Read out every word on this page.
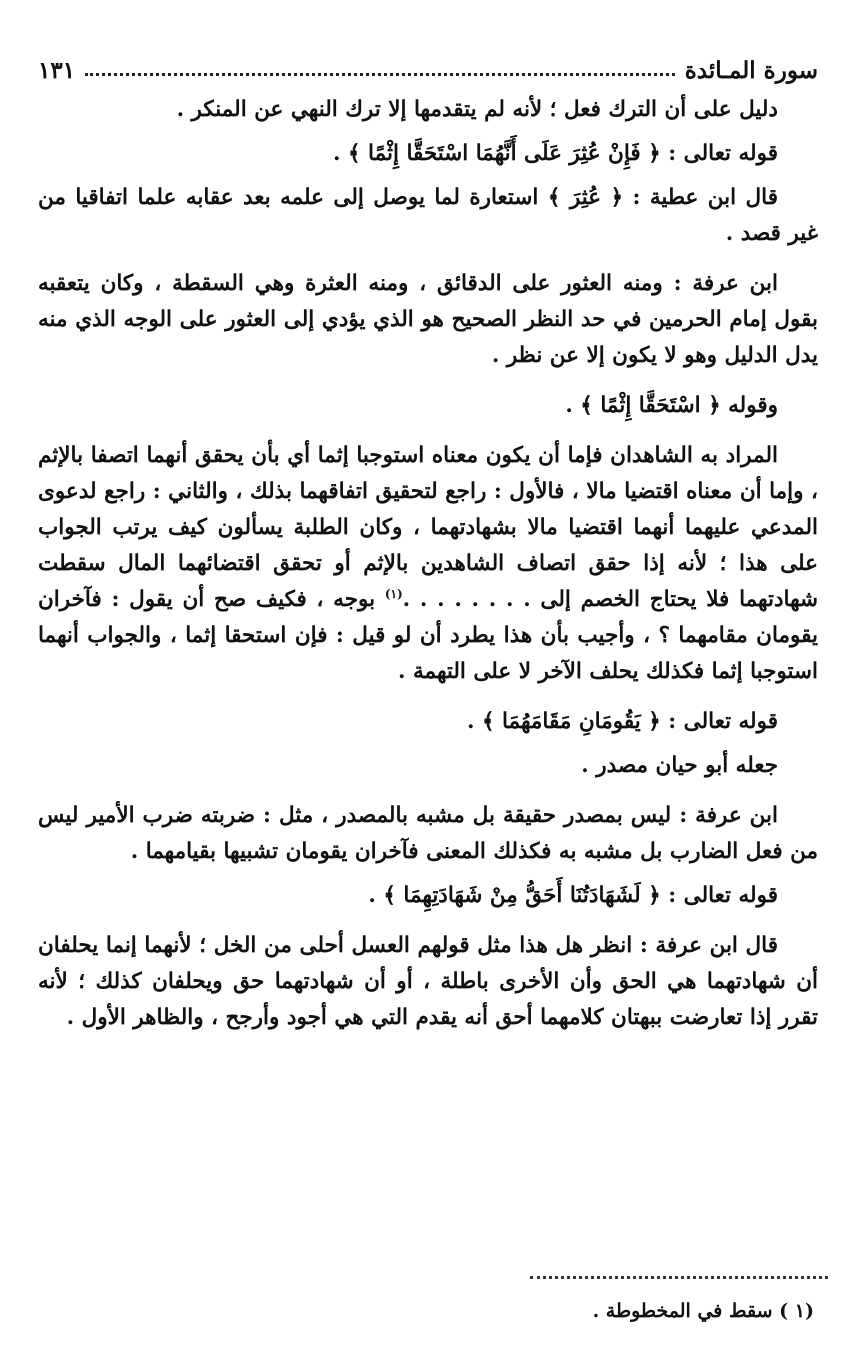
سورة المـائدة
١٣١

دليل على أن الترك فعل ؛ لأنه لم يتقدمها إلا ترك النهي عن المنكر .

قوله تعالى : ﴿ فَإِنْ عُثِرَ عَلَى أَنَّهُمَا اسْتَحَقَّا إِثْمًا ﴾ .

قال ابن عطية : ﴿ عُثِرَ ﴾ استعارة لما يوصل إلى علمه بعد عقابه علما اتفاقيا من غير قصد .

ابن عرفة : ومنه العثور على الدقائق ، ومنه العثرة وهي السقطة ، وكان يتعقبه بقول إمام الحرمين في حد النظر الصحيح هو الذي يؤدي إلى العثور على الوجه الذي منه يدل الدليل وهو لا يكون إلا عن نظر .

وقوله ﴿ اسْتَحَقَّا إِثْمًا ﴾ .

المراد به الشاهدان فإما أن يكون معناه استوجبا إثما أي بأن يحقق أنهما اتصفا بالإثم ، وإما أن معناه اقتضيا مالا ، فالأول : راجع لتحقيق اتفاقهما بذلك ، والثاني : راجع لدعوى المدعي عليهما أنهما اقتضيا مالا بشهادتهما ، وكان الطلبة يسألون كيف يرتب الجواب على هذا ؛ لأنه إذا حقق اتصاف الشاهدين بالإثم أو تحقق اقتضائهما المال سقطت شهادتهما فلا يحتاج الخصم إلى . . . . . . . .$^{(١)}$ بوجه ، فكيف صح أن يقول : فآخران يقومان مقامهما ؟ ، وأجيب بأن هذا يطرد أن لو قيل : فإن استحقا إثما ، والجواب أنهما استوجبا إثما فكذلك يحلف الآخر لا على التهمة .

قوله تعالى : ﴿ يَقُومَانِ مَقَامَهُمَا ﴾ .

جعله أبو حيان مصدر .

ابن عرفة : ليس بمصدر حقيقة بل مشبه بالمصدر ، مثل : ضربته ضرب الأمير ليس من فعل الضارب بل مشبه به فكذلك المعنى فآخران يقومان تشبيها بقيامهما .

قوله تعالى : ﴿ لَشَهَادَتُنَا أَحَقُّ مِنْ شَهَادَتِهِمَا ﴾ .

قال ابن عرفة : انظر هل هذا مثل قولهم العسل أحلى من الخل ؛ لأنهما إنما يحلفان أن شهادتهما هي الحق وأن الأخرى باطلة ، أو أن شهادتهما حق ويحلفان كذلك ؛ لأنه تقرر إذا تعارضت ببهتان كلامهما أحق أنه يقدم التي هي أجود وأرجح ، والظاهر الأول .

(١ ) سقط في المخطوطة .
